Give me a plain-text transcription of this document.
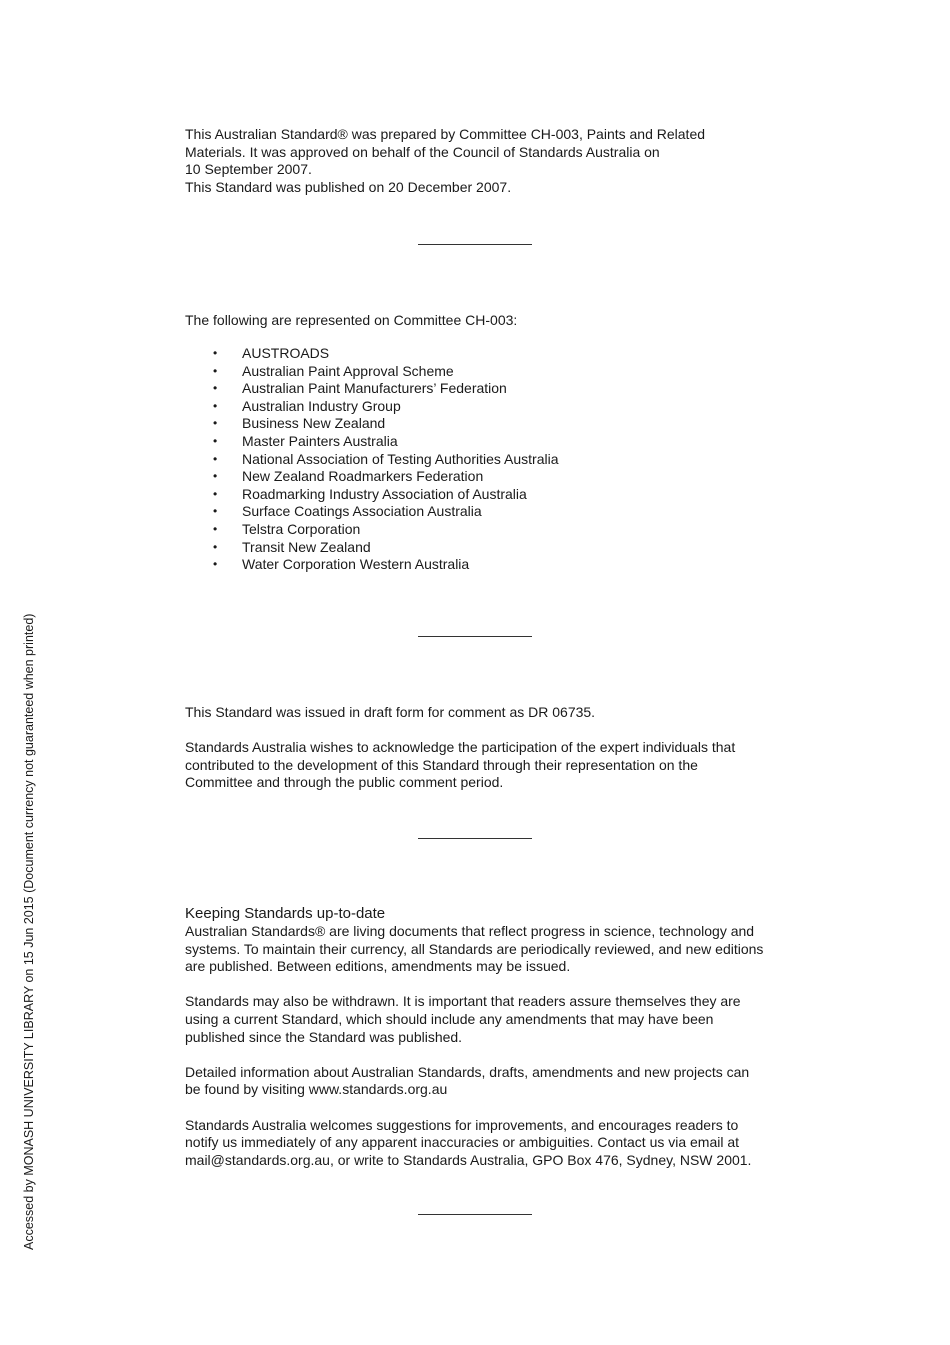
This Australian Standard® was prepared by Committee CH-003, Paints and Related
Materials. It was approved on behalf of the Council of Standards Australia on
10 September 2007.
This Standard was published on 20 December 2007.
The following are represented on Committee CH-003:
• AUSTROADS
• Australian Paint Approval Scheme
• Australian Paint Manufacturers’ Federation
• Australian Industry Group
• Business New Zealand
• Master Painters Australia
• National Association of Testing Authorities Australia
• New Zealand Roadmarkers Federation
• Roadmarking Industry Association of Australia
• Surface Coatings Association Australia
• Telstra Corporation
• Transit New Zealand
• Water Corporation Western Australia
This Standard was issued in draft form for comment as DR 06735.
Standards Australia wishes to acknowledge the participation of the expert individuals that
contributed to the development of this Standard through their representation on the
Committee and through the public comment period.
Keeping Standards up-to-date
Australian Standards® are living documents that reflect progress in science, technology and
systems. To maintain their currency, all Standards are periodically reviewed, and new editions
are published. Between editions, amendments may be issued.
Standards may also be withdrawn. It is important that readers assure themselves they are
using a current Standard, which should include any amendments that may have been
published since the Standard was published.
Detailed information about Australian Standards, drafts, amendments and new projects can
be found by visiting www.standards.org.au
Standards Australia welcomes suggestions for improvements, and encourages readers to
notify us immediately of any apparent inaccuracies or ambiguities. Contact us via email at
mail@standards.org.au, or write to Standards Australia, GPO Box 476, Sydney, NSW 2001.
Accessed by MONASH UNIVERSITY LIBRARY on 15 Jun 2015 (Document currency not guaranteed when printed)
